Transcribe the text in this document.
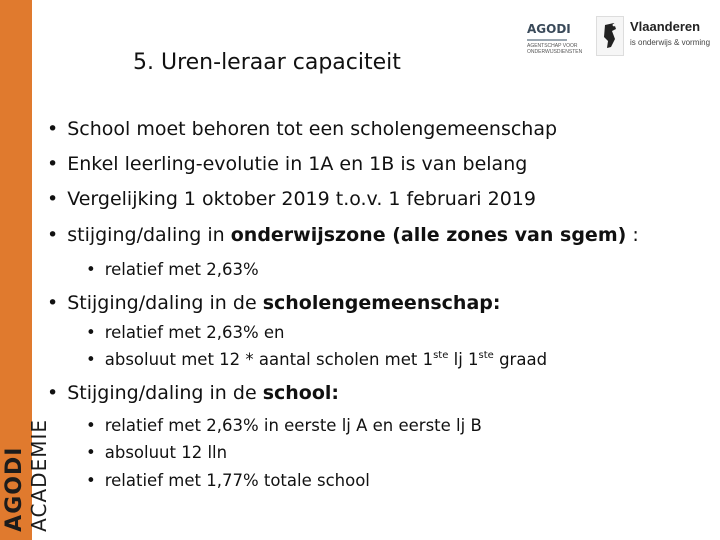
AGODI
ACADEMIE
5. Uren-leraar capaciteit
AGODI
AGENTSCHAP VOOR ONDERWIJSDIENSTEN
Vlaanderen
is onderwijs & vorming
• School moet behoren tot een scholengemeenschap
• Enkel leerling-evolutie in 1A en 1B is van belang
• Vergelijking 1 oktober 2019 t.o.v. 1 februari 2019
• stijging/daling in onderwijszone (alle zones van sgem) :
• relatief met 2,63%
• Stijging/daling in de scholengemeenschap:
• relatief met 2,63% en
• absoluut met 12 * aantal scholen met 1ste lj 1ste graad
• Stijging/daling in de school:
• relatief met 2,63% in eerste lj A en eerste lj B
• absoluut 12 lln
• relatief met 1,77% totale school
